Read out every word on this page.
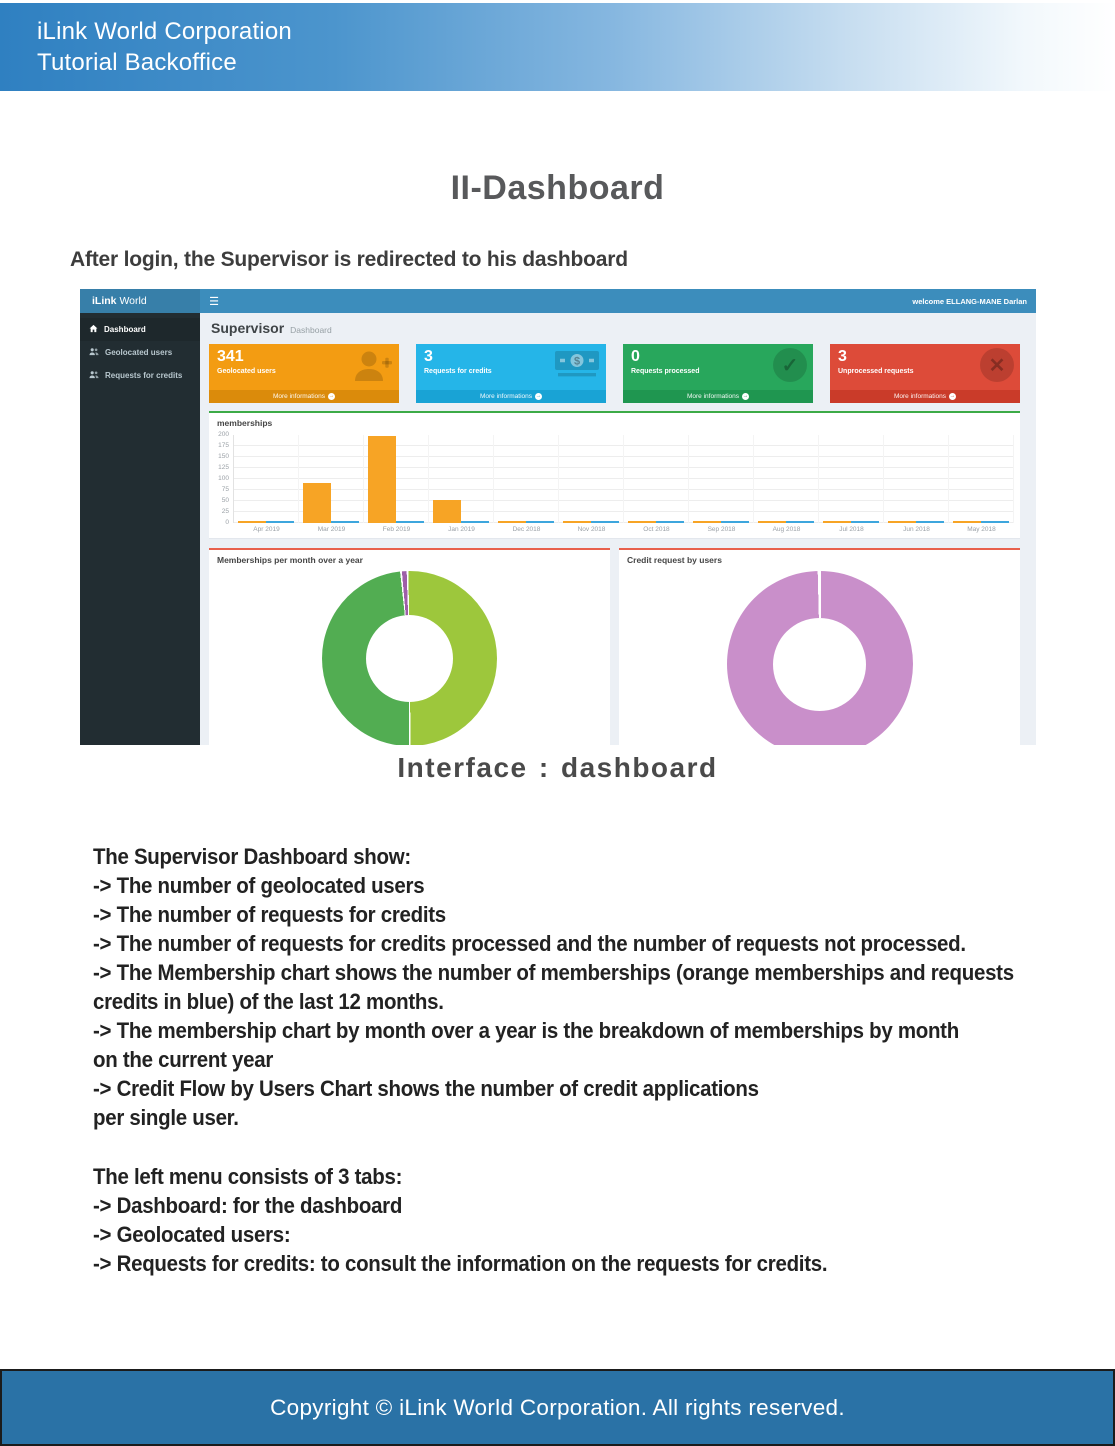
iLink World Corporation
Tutorial Backoffice
II-Dashboard

After login, the Supervisor is redirected to his dashboard

iLink World	☰	welcome ELLANG-MANE Darlan
Dashboard
Geolocated users
Requests for credits
Supervisor Dashboard
341
Geolocated users
More informations →
3
Requests for credits
$
More informations →
0
Requests processed	✓
More informations →
3
Unprocessed requests	✕
More informations →
memberships
0
25
50
75
100
125
150
175
200
Apr 2019	Mar 2019	Feb 2019	Jan 2019	Dec 2018	Nov 2018	Oct 2018	Sep 2018	Aug 2018	Jul 2018	Jun 2018	May 2018
Memberships per month over a year	Credit request by users
Interface : dashboard
The Supervisor Dashboard show:
-> The number of geolocated users
-> The number of requests for credits
-> The number of requests for credits processed and the number of requests not processed.
-> The Membership chart shows the number of memberships (orange memberships and requests
credits in blue) of the last 12 months.
-> The membership chart by month over a year is the breakdown of memberships by month
on the current year
-> Credit Flow by Users Chart shows the number of credit applications
per single user.
The left menu consists of 3 tabs:
-> Dashboard: for the dashboard
-> Geolocated users:
-> Requests for credits: to consult the information on the requests for credits.
Copyright © iLink World Corporation. All rights reserved.
